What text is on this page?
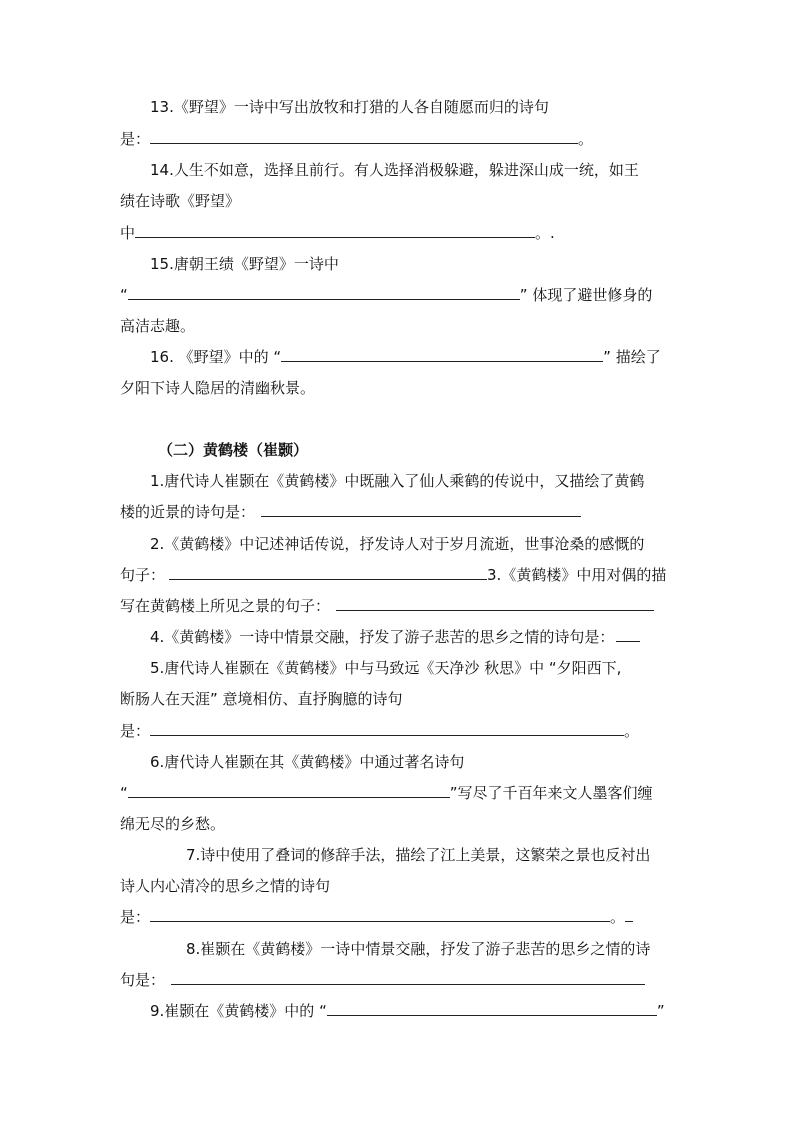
13.《野望》一诗中写出放牧和打猎的人各自随愿而归的诗句
是：	。
14.人生不如意，选择且前行。有人选择消极躲避，躲进深山成一统，如王
绩在诗歌《野望》
中	。.
15.唐朝王绩《野望》一诗中
“	” 体现了避世修身的
高洁志趣。
16. 《野望》中的 “	” 描绘了
夕阳下诗人隐居的清幽秋景。
（二）黄鹤楼（崔颢）
1.唐代诗人崔颢在《黄鹤楼》中既融入了仙人乘鹤的传说中，又描绘了黄鹤
楼的近景的诗句是：
2.《黄鹤楼》中记述神话传说，抒发诗人对于岁月流逝，世事沧桑的感慨的
句子：	3.《黄鹤楼》中用对偶的描
写在黄鹤楼上所见之景的句子：
4.《黄鹤楼》一诗中情景交融，抒发了游子悲苦的思乡之情的诗句是：
5.唐代诗人崔颢在《黄鹤楼》中与马致远《天净沙 秋思》中 “夕阳西下,
断肠人在天涯” 意境相仿、直抒胸臆的诗句
是：	。
6.唐代诗人崔颢在其《黄鹤楼》中通过著名诗句
“	”写尽了千百年来文人墨客们缠
绵无尽的乡愁。
7.诗中使用了叠词的修辞手法，描绘了江上美景，这繁荣之景也反衬出
诗人内心清冷的思乡之情的诗句
是：	。
8.崔颢在《黄鹤楼》一诗中情景交融，抒发了游子悲苦的思乡之情的诗
句是：
9.崔颢在《黄鹤楼》中的 “	”
